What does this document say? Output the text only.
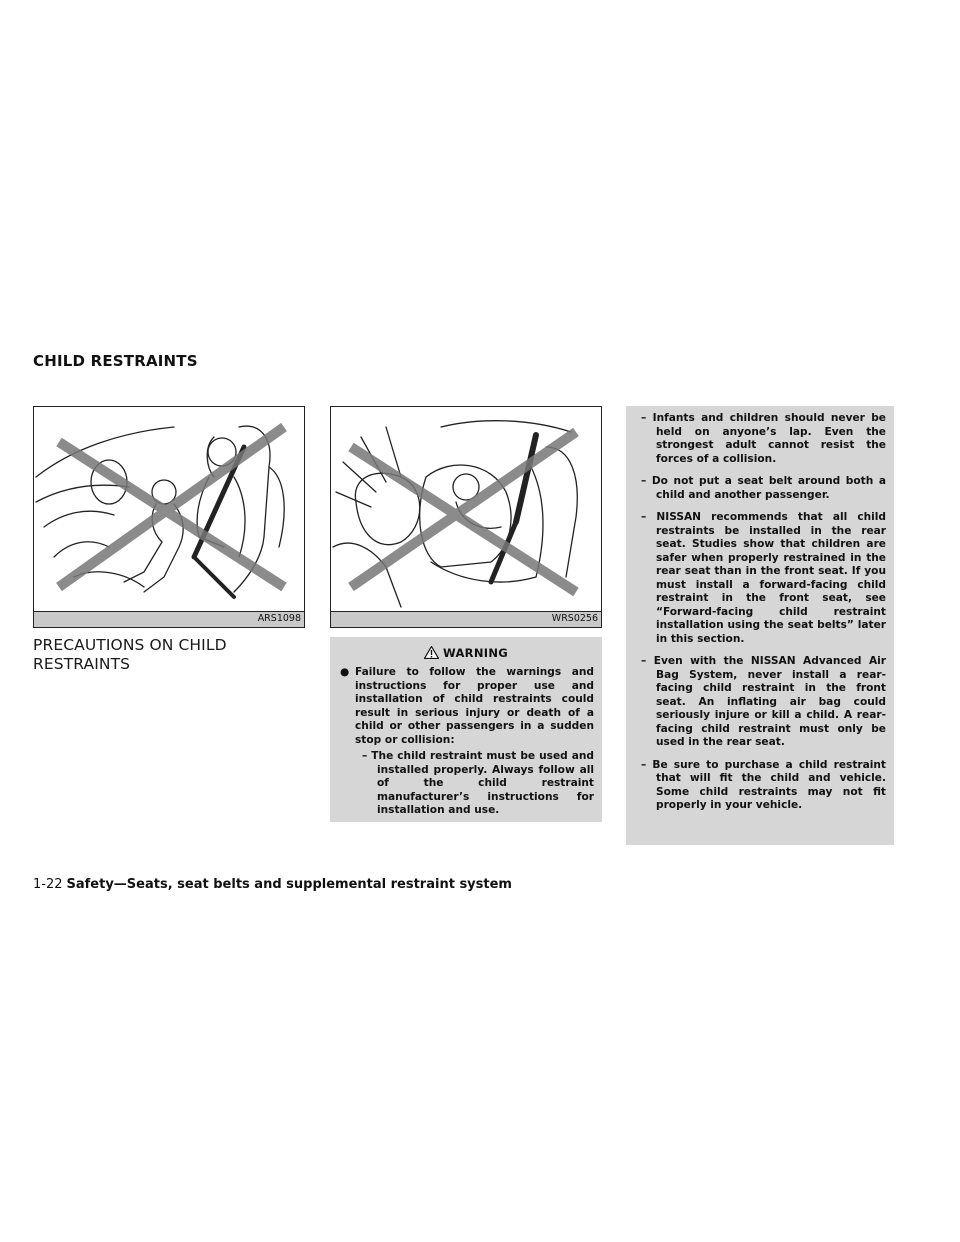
CHILD RESTRAINTS
ARS1098	WRS0256
PRECAUTIONS ON CHILD RESTRAINTS
WARNING
● Failure to follow the warnings and instructions for proper use and installation of child restraints could result in serious injury or death of a child or other passengers in a sudden stop or collision:
– The child restraint must be used and installed properly. Always follow all of the child restraint manufacturer’s instructions for installation and use.
– Infants and children should never be held on anyone’s lap. Even the strongest adult cannot resist the forces of a collision.
– Do not put a seat belt around both a child and another passenger.
– NISSAN recommends that all child restraints be installed in the rear seat. Studies show that children are safer when properly restrained in the rear seat than in the front seat. If you must install a forward-facing child restraint in the front seat, see “Forward-facing child restraint installation using the seat belts” later in this section.
– Even with the NISSAN Advanced Air Bag System, never install a rear-facing child restraint in the front seat. An inflating air bag could seriously injure or kill a child. A rear-facing child restraint must only be used in the rear seat.
– Be sure to purchase a child restraint that will fit the child and vehicle. Some child restraints may not fit properly in your vehicle.
1-22 Safety—Seats, seat belts and supplemental restraint system
